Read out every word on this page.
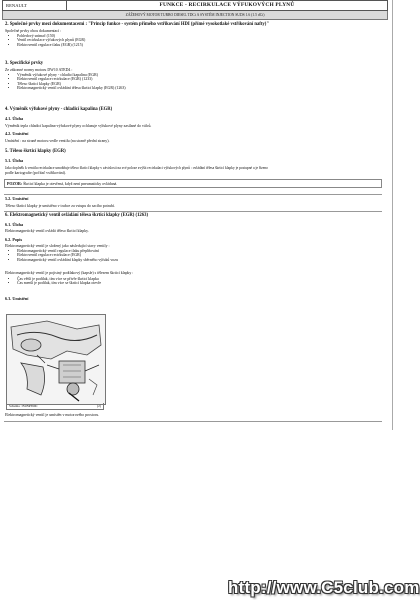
RENAULT	FUNKCE - RECIRKULACE VÝFUKOVÝCH PLYNŮ
ZÁŽEHOVÝ MOTOR TURBO DIESEL TDCi A SYSTÉM INJECTION SUDS 1.6 (1.5 dCi)
2. Společné prvky mezi dokumentacemi : "Princip funkce - systém přímého vstřikování HDI (přímé vysokotlaké vstřikování nafty)"
Společné prvky obou dokumentací :
• Pohledový snímač (150)
• Ventil recirkulace výfukových plynů (EGR)
• Elektroventil regulace tlaku (EGR) (1215)
3. Specifické prvky
Ze zákonné normy motoru DW10 ATED4 :
• Výměník výfukové plyny - chladicí kapalina (EGR)
• Elektroventil regulace recirkulace (EGR) (1233)
• Těleso škrticí klapky (EGR)
• Elektromagnetický ventil ovládání tělesa škrticí klapky (EGR) (1263)
4. Výměník výfukové plyny - chladicí kapalina (EGR)
4.1. Úloha
Výměník tepla chladicí kapalina-výfukové plyny ochlazuje výfukové plyny zasílané do válců.
4.2. Umístění
Umístění : na straně motoru vedle ventilu (na straně přední strany).
5. Těleso škrticí klapky (EGR)
5.1. Úloha
Jako doplněk k ventilu recirkulace umožňuje těleso škrticí klapky v závislosti na své poloze zvýšit recirkulaci výfukových plynů : ovládání tělesa škrticí klapky je postupné a je řízeno
podle kartografie (počítač vstřikování).
POZOR: Škrticí klapka je otevřená, když není pneumaticky ovládaná.
5.2. Umístění
Těleso škrticí klapky je umístěno v trubce za vstupu do sacího potrubí.
6. Elektromagnetický ventil ovládání tělesa škrticí klapky (EGR) (1263)
6.1. Úloha
Elektromagnetický ventil ovládá těleso škrticí klapky.
6.2. Popis
Elektromagnetický ventil je složený jako následující stavy ventily :
• Elektromagnetický ventil regulace tlaku přeplňování
• Elektroventil regulace recirkulace (EGR)
• Elektromagnetický ventil ovládání klapky sběrného výfuků vozu
Elektromagnetický ventil je pojistný podtlakový (kapsle) s tělesem škrticí klapky :
• Čas větší je podtlak, tím více se přivře škrticí klapka
• Čas menší je podtlak, tím více se škrticí klapka otevře
6.3. Umístění
Schéma : B1BP399C	(2)
Elektromagnetický ventil je umístěn v motorového prostoru.
http://www.C5club.com
